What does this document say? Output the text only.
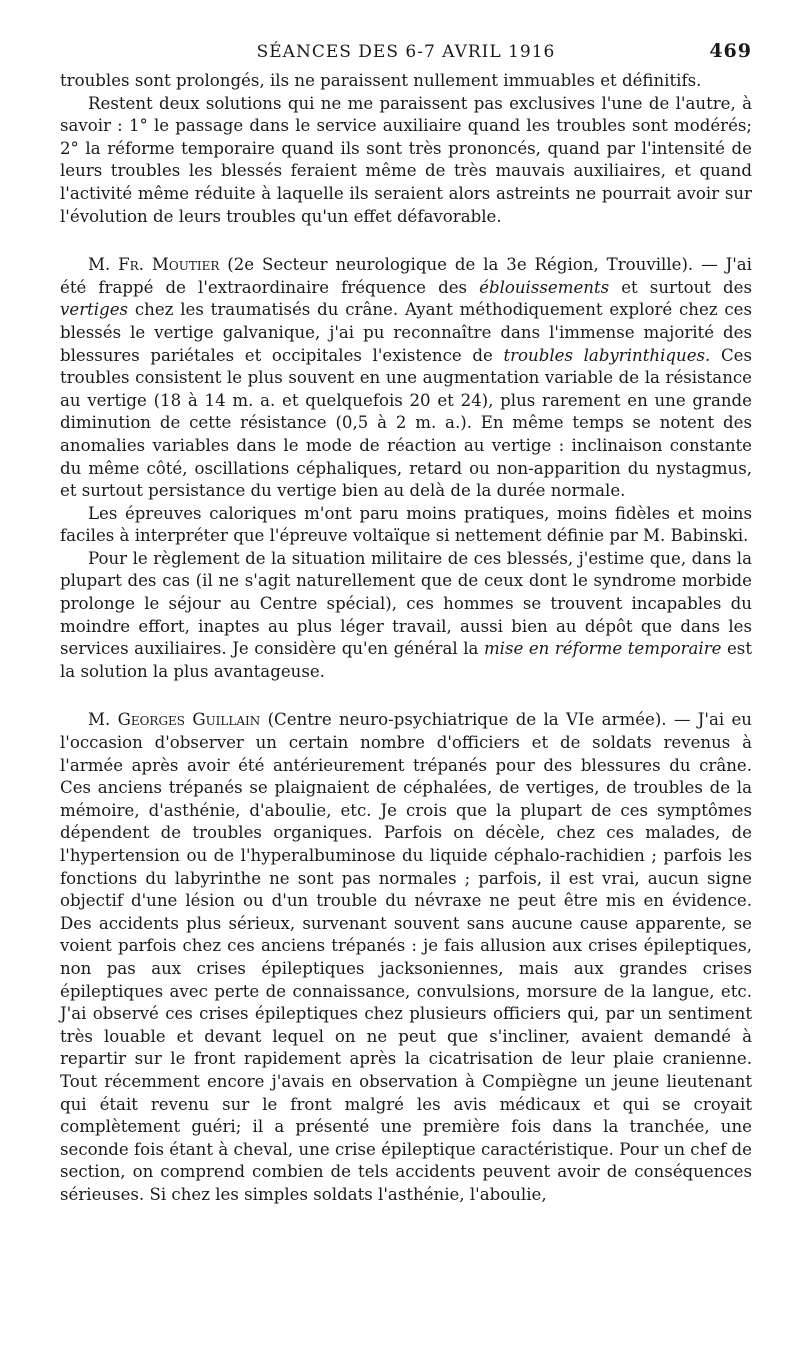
SÉANCES DES 6-7 AVRIL 1916	469

troubles sont prolongés, ils ne paraissent nullement immuables et définitifs.

Restent deux solutions qui ne me paraissent pas exclusives l'une de l'autre, à savoir : 1° le passage dans le service auxiliaire quand les troubles sont modérés; 2° la réforme temporaire quand ils sont très prononcés, quand par l'intensité de leurs troubles les blessés feraient même de très mauvais auxiliaires, et quand l'activité même réduite à laquelle ils seraient alors astreints ne pourrait avoir sur l'évolution de leurs troubles qu'un effet défavorable.

M. Fr. Moutier (2e Secteur neurologique de la 3e Région, Trouville). — J'ai été frappé de l'extraordinaire fréquence des éblouissements et surtout des vertiges chez les traumatisés du crâne. Ayant méthodiquement exploré chez ces blessés le vertige galvanique, j'ai pu reconnaître dans l'immense majorité des blessures pariétales et occipitales l'existence de troubles labyrinthiques. Ces troubles consistent le plus souvent en une augmentation variable de la résistance au vertige (18 à 14 m. a. et quelquefois 20 et 24), plus rarement en une grande diminution de cette résistance (0,5 à 2 m. a.). En même temps se notent des anomalies variables dans le mode de réaction au vertige : inclinaison constante du même côté, oscillations céphaliques, retard ou non-apparition du nystagmus, et surtout persistance du vertige bien au delà de la durée normale.

Les épreuves caloriques m'ont paru moins pratiques, moins fidèles et moins faciles à interpréter que l'épreuve voltaïque si nettement définie par M. Babinski.

Pour le règlement de la situation militaire de ces blessés, j'estime que, dans la plupart des cas (il ne s'agit naturellement que de ceux dont le syndrome morbide prolonge le séjour au Centre spécial), ces hommes se trouvent incapables du moindre effort, inaptes au plus léger travail, aussi bien au dépôt que dans les services auxiliaires. Je considère qu'en général la mise en réforme temporaire est la solution la plus avantageuse.

M. Georges Guillain (Centre neuro-psychiatrique de la VIe armée). — J'ai eu l'occasion d'observer un certain nombre d'officiers et de soldats revenus à l'armée après avoir été antérieurement trépanés pour des blessures du crâne. Ces anciens trépanés se plaignaient de céphalées, de vertiges, de troubles de la mémoire, d'asthénie, d'aboulie, etc. Je crois que la plupart de ces symptômes dépendent de troubles organiques. Parfois on décèle, chez ces malades, de l'hypertension ou de l'hyperalbuminose du liquide céphalo-rachidien ; parfois les fonctions du labyrinthe ne sont pas normales ; parfois, il est vrai, aucun signe objectif d'une lésion ou d'un trouble du névraxe ne peut être mis en évidence. Des accidents plus sérieux, survenant souvent sans aucune cause apparente, se voient parfois chez ces anciens trépanés : je fais allusion aux crises épileptiques, non pas aux crises épileptiques jacksoniennes, mais aux grandes crises épileptiques avec perte de connaissance, convulsions, morsure de la langue, etc. J'ai observé ces crises épileptiques chez plusieurs officiers qui, par un sentiment très louable et devant lequel on ne peut que s'incliner, avaient demandé à repartir sur le front rapidement après la cicatrisation de leur plaie cranienne. Tout récemment encore j'avais en observation à Compiègne un jeune lieutenant qui était revenu sur le front malgré les avis médicaux et qui se croyait complètement guéri; il a présenté une première fois dans la tranchée, une seconde fois étant à cheval, une crise épileptique caractéristique. Pour un chef de section, on comprend combien de tels accidents peuvent avoir de conséquences sérieuses. Si chez les simples soldats l'asthénie, l'aboulie,
